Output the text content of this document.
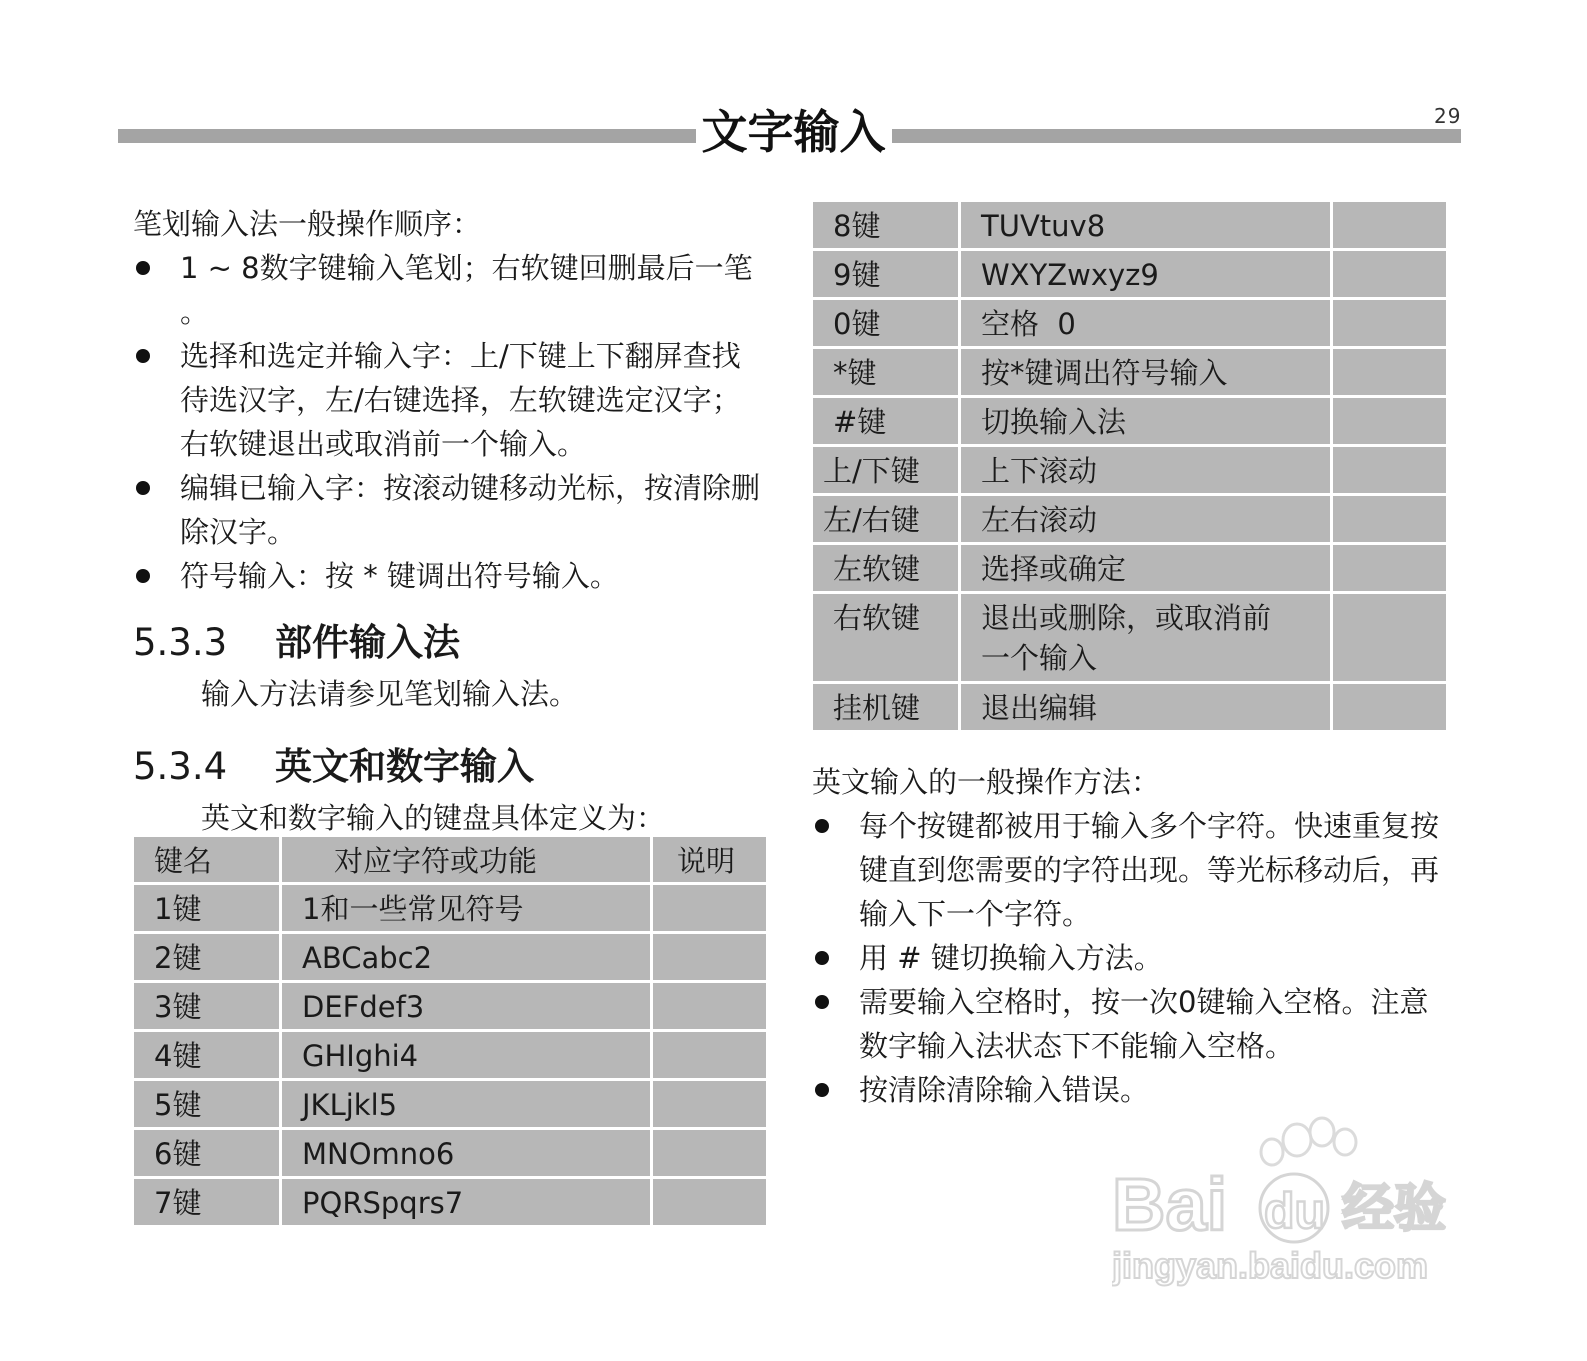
文字输入	29

笔划输入法一般操作顺序：

1 ~ 8数字键输入笔划；右软键回删最后一笔 。
选择和选定并输入字：上/下键上下翻屏查找待选汉字，左/右键选择，左软键选定汉字；右软键退出或取消前一个输入。
编辑已输入字：按滚动键移动光标，按清除删除汉字。
符号输入：按 * 键调出符号输入。
5.3.3 部件输入法

输入方法请参见笔划输入法。

5.3.4 英文和数字输入

英文和数字输入的键盘具体定义为：

键名	对应字符或功能	说明
1键	1和一些常见符号	
2键	ABCabc2	
3键	DEFdef3	
4键	GHIghi4	
5键	JKLjkl5	
6键	MNOmno6	
7键	PQRSpqrs7	
8键	TUVtuv8	
9键	WXYZwxyz9	
0键	空格  0	
*键	按*键调出符号输入	
#键	切换输入法	
上/下键	上下滚动	
左/右键	左右滚动	
左软键	选择或确定	
右软键	退出或删除，或取消前一个输入	
挂机键	退出编辑	

英文输入的一般操作方法：

每个按键都被用于输入多个字符。快速重复按键直到您需要的字符出现。等光标移动后，再输入下一个字符。
用 # 键切换输入方法。
需要输入空格时，按一次0键输入空格。注意数字输入法状态下不能输入空格。
按清除清除输入错误。
Bai du 经验
jingyan.baidu.com
